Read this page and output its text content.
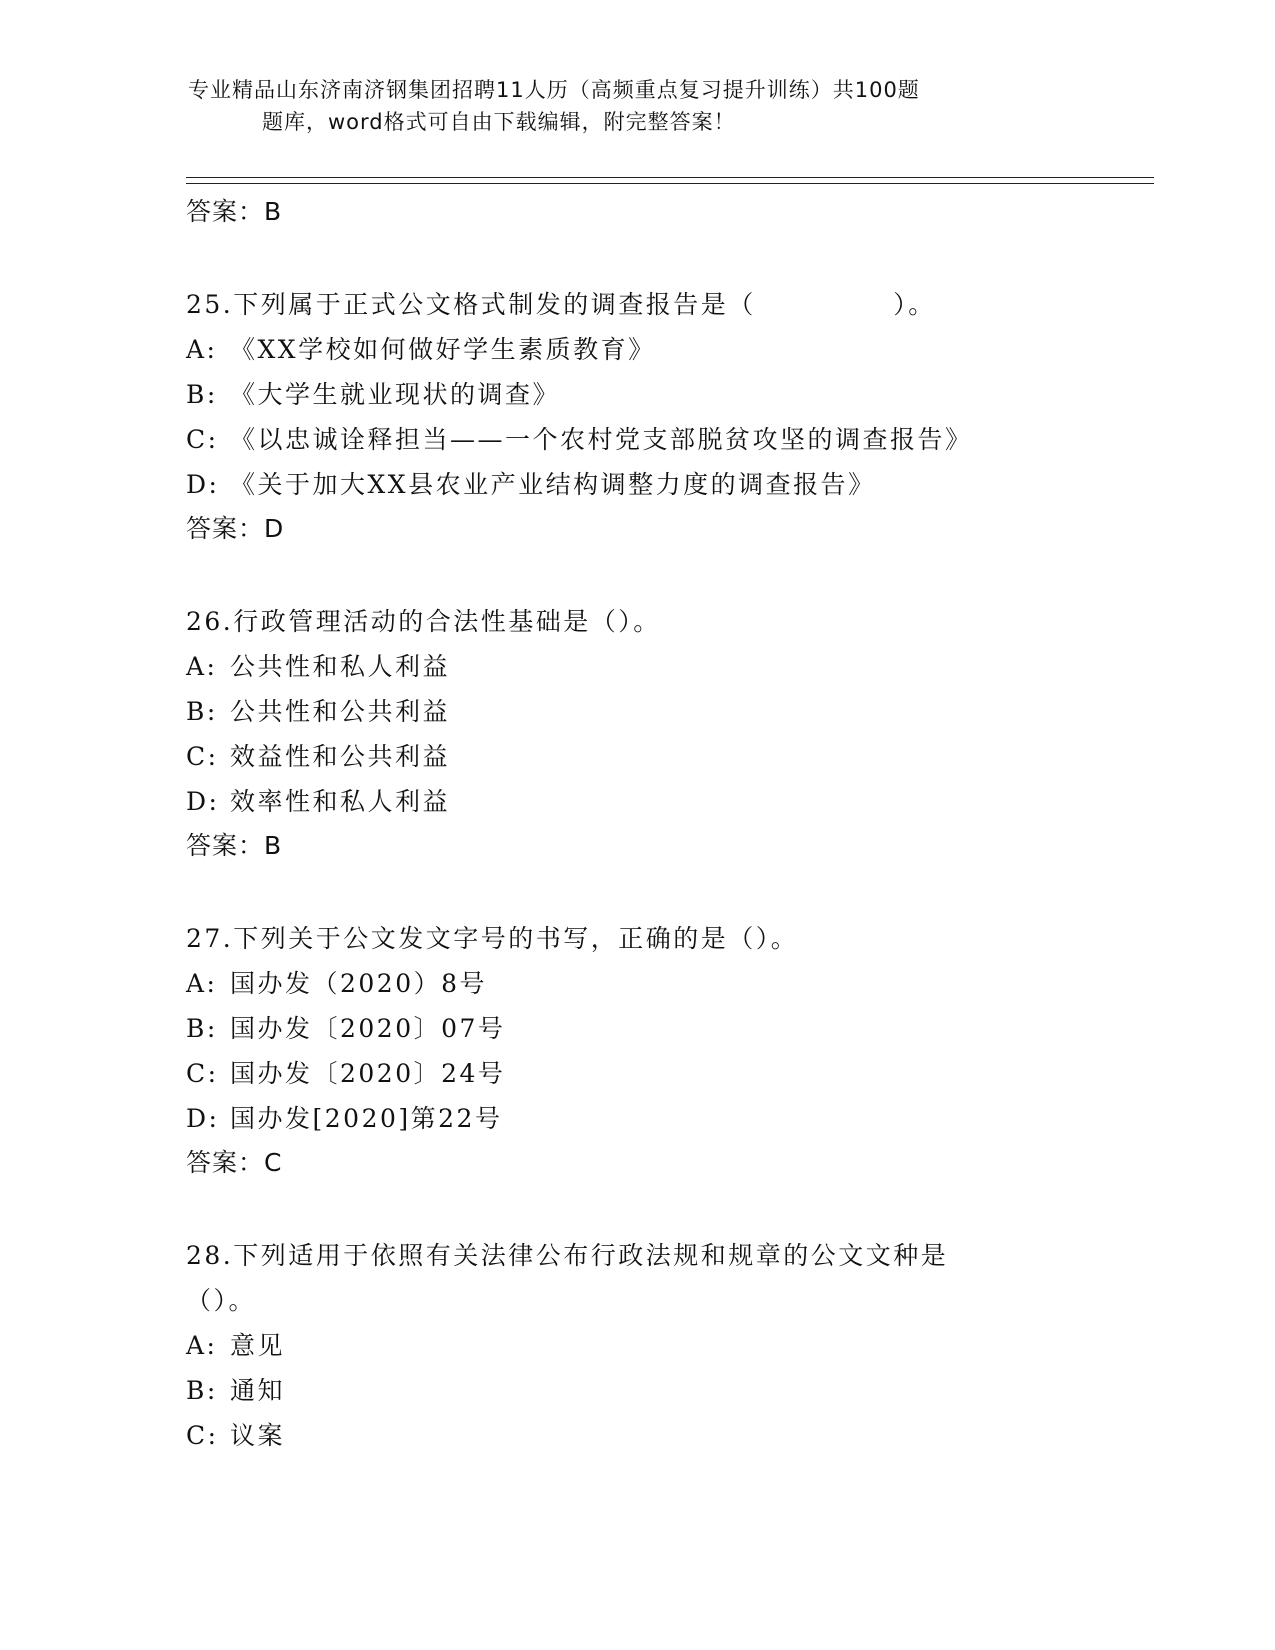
专业精品山东济南济钢集团招聘11人历（高频重点复习提升训练）共100题
题库，word格式可自由下载编辑，附完整答案！
答案：B
25.下列属于正式公文格式制发的调查报告是（　　　　　）。
A: 《XX学校如何做好学生素质教育》
B: 《大学生就业现状的调查》
C: 《以忠诚诠释担当——一个农村党支部脱贫攻坚的调查报告》
D: 《关于加大XX县农业产业结构调整力度的调查报告》
答案：D
26.行政管理活动的合法性基础是（）。
A: 公共性和私人利益
B: 公共性和公共利益
C: 效益性和公共利益
D: 效率性和私人利益
答案：B
27.下列关于公文发文字号的书写，正确的是（）。
A: 国办发（2020）8号
B: 国办发〔2020〕07号
C: 国办发〔2020〕24号
D: 国办发[2020]第22号
答案：C
28.下列适用于依照有关法律公布行政法规和规章的公文文种是（）。
A: 意见
B: 通知
C: 议案
